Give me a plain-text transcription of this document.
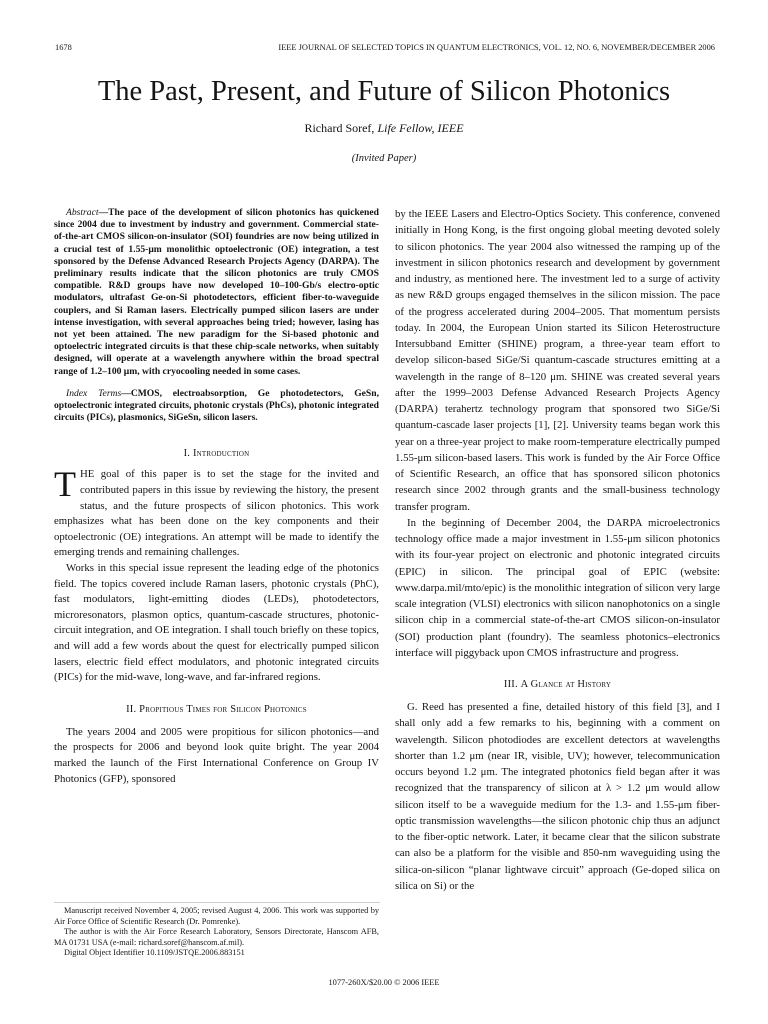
1678	IEEE JOURNAL OF SELECTED TOPICS IN QUANTUM ELECTRONICS, VOL. 12, NO. 6, NOVEMBER/DECEMBER 2006
The Past, Present, and Future of Silicon Photonics
Richard Soref, Life Fellow, IEEE
(Invited Paper)

Abstract—The pace of the development of silicon photonics has quickened since 2004 due to investment by industry and government. Commercial state-of-the-art CMOS silicon-on-insulator (SOI) foundries are now being utilized in a crucial test of 1.55-μm monolithic optoelectronic (OE) integration, a test sponsored by the Defense Advanced Research Projects Agency (DARPA). The preliminary results indicate that the silicon photonics are truly CMOS compatible. R&D groups have now developed 10–100-Gb/s electro-optic modulators, ultrafast Ge-on-Si photodetectors, efficient fiber-to-waveguide couplers, and Si Raman lasers. Electrically pumped silicon lasers are under intense investigation, with several approaches being tried; however, lasing has not yet been attained. The new paradigm for the Si-based photonic and optoelectric integrated circuits is that these chip-scale networks, when suitably designed, will operate at a wavelength anywhere within the broad spectral range of 1.2–100 μm, with cryocooling needed in some cases.

Index Terms—CMOS, electroabsorption, Ge photodetectors, GeSn, optoelectronic integrated circuits, photonic crystals (PhCs), photonic integrated circuits (PICs), plasmonics, SiGeSn, silicon lasers.

I. Introduction

THE goal of this paper is to set the stage for the invited and contributed papers in this issue by reviewing the history, the present status, and the future prospects of silicon photonics. This work emphasizes what has been done on the key components and their optoelectronic (OE) integrations. An attempt will be made to identify the emerging trends and remaining challenges.

Works in this special issue represent the leading edge of the photonics field. The topics covered include Raman lasers, photonic crystals (PhC), fast modulators, light-emitting diodes (LEDs), photodetectors, microresonators, plasmon optics, quantum-cascade structures, photonic-circuit integration, and OE integration. I shall touch briefly on these topics, and will add a few words about the quest for electrically pumped silicon lasers, electric field effect modulators, and photonic integrated circuits (PICs) for the mid-wave, long-wave, and far-infrared regions.

II. Propitious Times for Silicon Photonics

The years 2004 and 2005 were propitious for silicon photonics—and the prospects for 2006 and beyond look quite bright. The year 2004 marked the launch of the First International Conference on Group IV Photonics (GFP), sponsored

Manuscript received November 4, 2005; revised August 4, 2006. This work was supported by Air Force Office of Scientific Research (Dr. Pomrenke).

The author is with the Air Force Research Laboratory, Sensors Directorate, Hanscom AFB, MA 01731 USA (e-mail: richard.soref@hanscom.af.mil).

Digital Object Identifier 10.1109/JSTQE.2006.883151

by the IEEE Lasers and Electro-Optics Society. This conference, convened initially in Hong Kong, is the first ongoing global meeting devoted solely to silicon photonics. The year 2004 also witnessed the ramping up of the investment in silicon photonics research and development by government and industry, as mentioned here. The investment led to a surge of activity as new R&D groups engaged themselves in the silicon mission. The pace of the progress accelerated during 2004–2005. That momentum persists today. In 2004, the European Union started its Silicon Heterostructure Intersubband Emitter (SHINE) program, a three-year team effort to develop silicon-based SiGe/Si quantum-cascade structures emitting at a wavelength in the range of 8–120 μm. SHINE was created several years after the 1999–2003 Defense Advanced Research Projects Agency (DARPA) terahertz technology program that sponsored two SiGe/Si quantum-cascade laser projects [1], [2]. University teams began work this year on a three-year project to make room-temperature electrically pumped 1.55-μm silicon-based lasers. This work is funded by the Air Force Office of Scientific Research, an office that has sponsored silicon photonics research since 2002 through grants and the small-business technology transfer program.

In the beginning of December 2004, the DARPA microelectronics technology office made a major investment in 1.55-μm silicon photonics with its four-year project on electronic and photonic integrated circuits (EPIC) in silicon. The principal goal of EPIC (website: www.darpa.mil/mto/epic) is the monolithic integration of silicon very large scale integration (VLSI) electronics with silicon nanophotonics on a single silicon chip in a commercial state-of-the-art CMOS silicon-on-insulator (SOI) production plant (foundry). The seamless photonics–electronics interface will piggyback upon CMOS infrastructure and progress.

III. A Glance at History

G. Reed has presented a fine, detailed history of this field [3], and I shall only add a few remarks to his, beginning with a comment on wavelength. Silicon photodiodes are excellent detectors at wavelengths shorter than 1.2 μm (near IR, visible, UV); however, telecommunication occurs beyond 1.2 μm. The integrated photonics field began after it was recognized that the transparency of silicon at λ > 1.2 μm would allow silicon itself to be a waveguide medium for the 1.3- and 1.55-μm fiber-optic transmission wavelengths—the silicon photonic chip thus an adjunct to the fiber-optic network. Later, it became clear that the silicon substrate can also be a platform for the visible and 850-nm waveguiding using the silica-on-silicon “planar lightwave circuit” approach (Ge-doped silica on silica on Si) or the

1077-260X/$20.00 © 2006 IEEE
